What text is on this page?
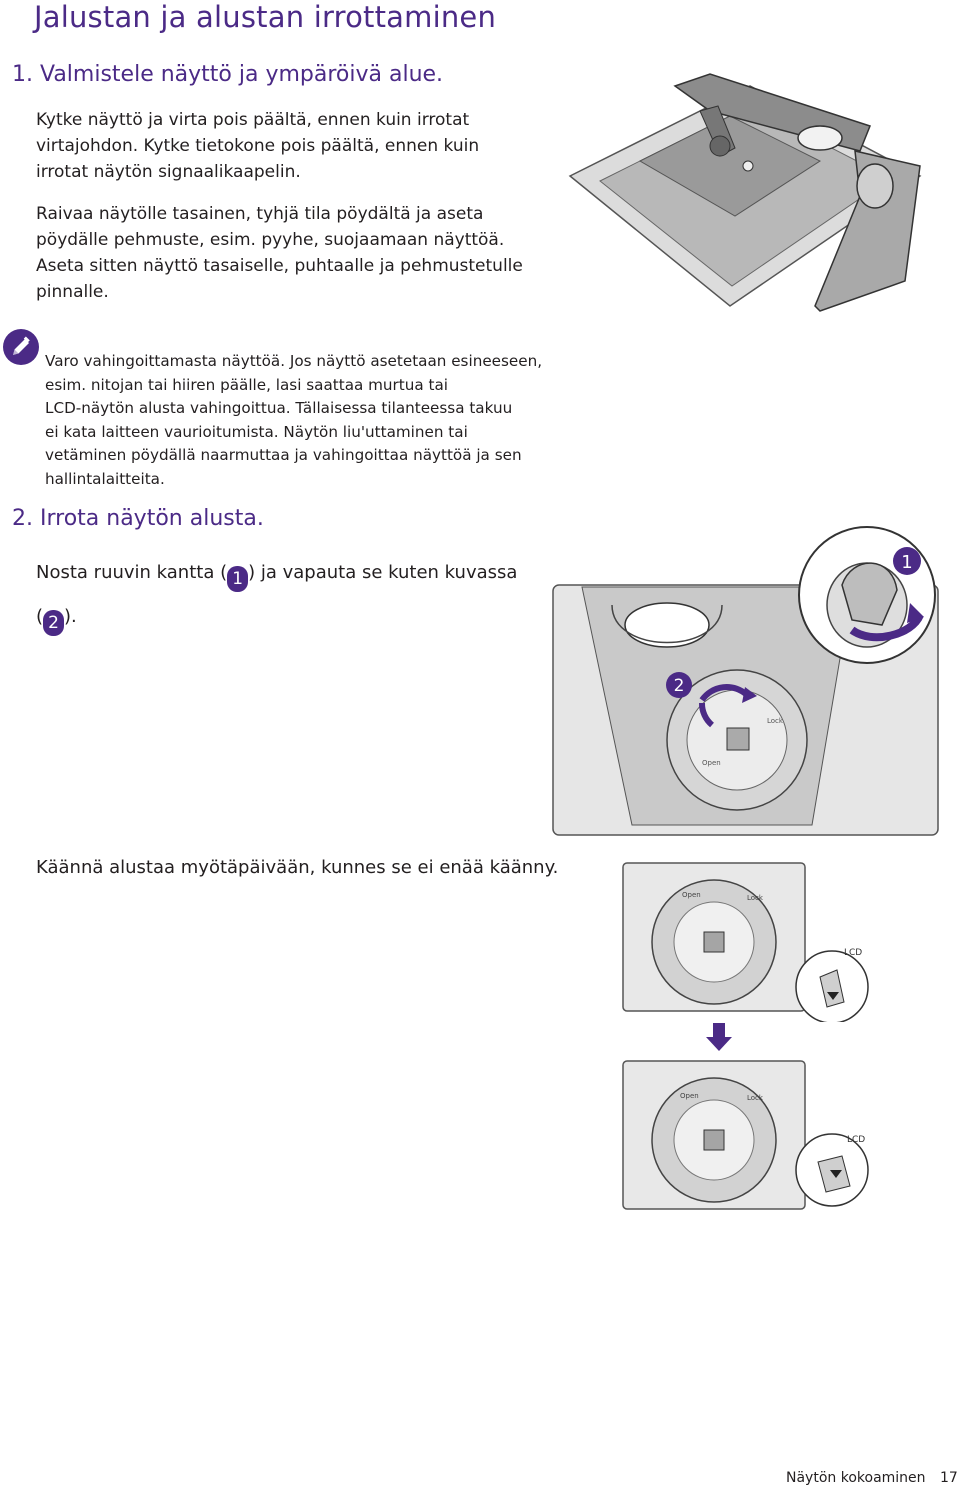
Jalustan ja alustan irrottaminen
1. Valmistele näyttö ja ympäröivä alue.
Kytke näyttö ja virta pois päältä, ennen kuin irrotat
virtajohdon. Kytke tietokone pois päältä, ennen kuin
irrotat näytön signaalikaapelin.
Raivaa näytölle tasainen, tyhjä tila pöydältä ja aseta
pöydälle pehmuste, esim. pyyhe, suojaamaan näyttöä.
Aseta sitten näyttö tasaiselle, puhtaalle ja pehmustetulle
pinnalle.
Varo vahingoittamasta näyttöä. Jos näyttö asetetaan esineeseen,
esim. nitojan tai hiiren päälle, lasi saattaa murtua tai
LCD-näytön alusta vahingoittua. Tällaisessa tilanteessa takuu
ei kata laitteen vaurioitumista. Näytön liu'uttaminen tai
vetäminen pöydällä naarmuttaa ja vahingoittaa näyttöä ja sen
hallintalaitteita.
2. Irrota näytön alusta.
Nosta ruuvin kantta ( 1 ) ja vapauta se kuten kuvassa
( 2 ).
Käännä alustaa myötäpäivään, kunnes se ei enää käänny.
2
Lock
Open
1
Open	Lock
LCD
Open	Lock
LCD
Näytön kokoaminen 17
